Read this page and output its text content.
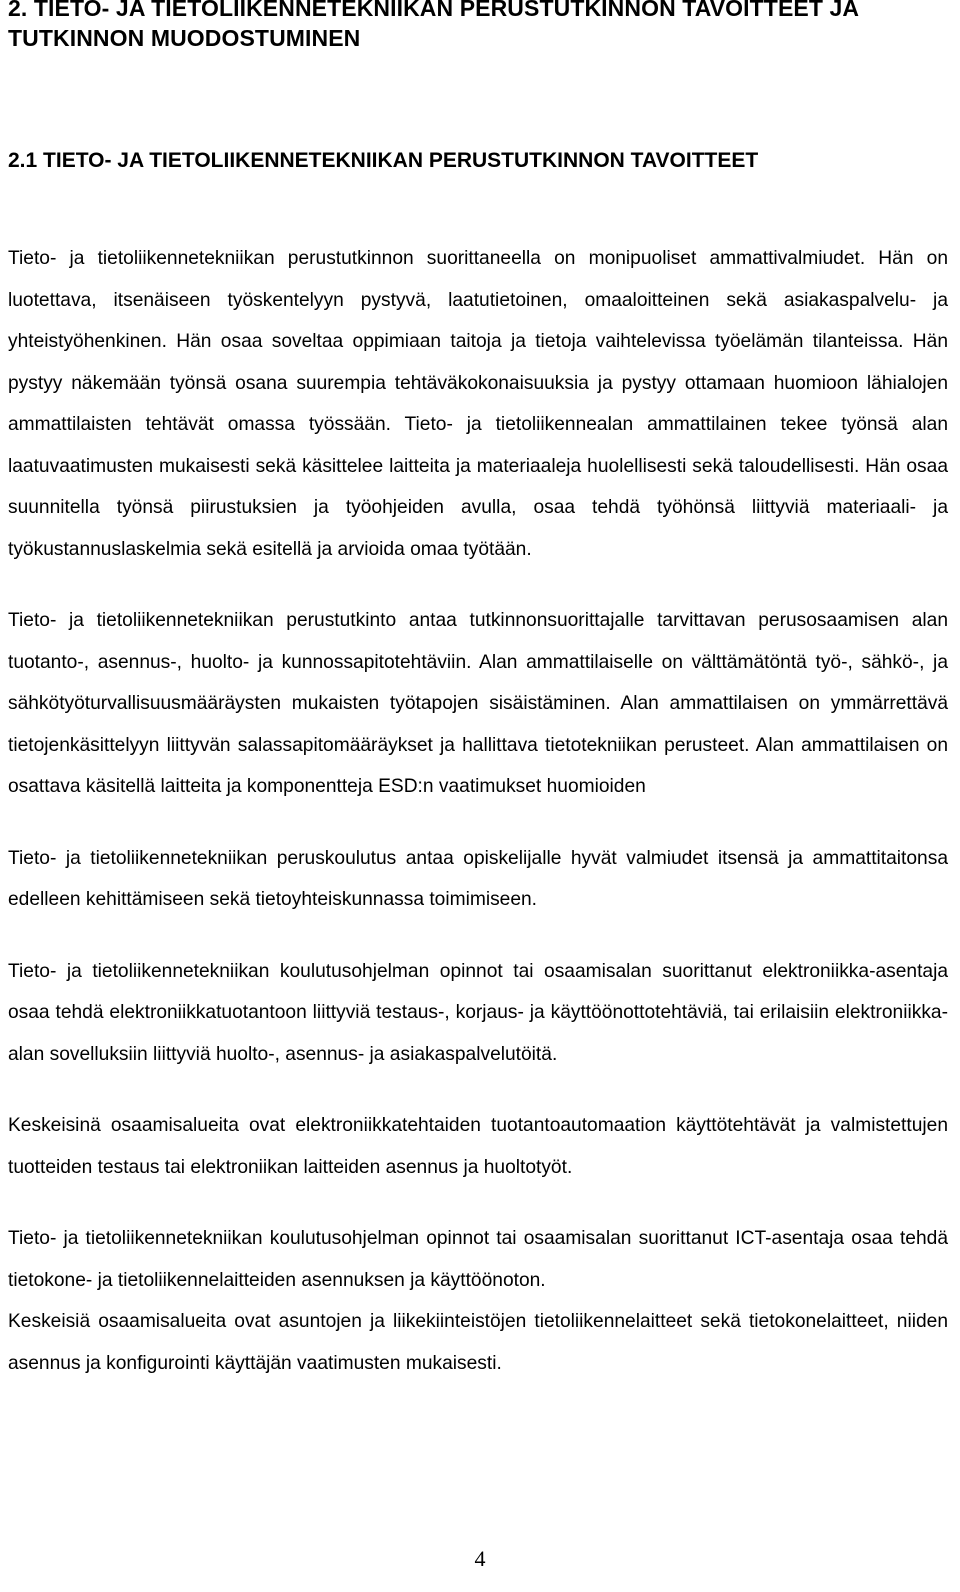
2. TIETO- JA TIETOLIIKENNETEKNIIKAN PERUSTUTKINNON TAVOITTEET JA TUTKINNON MUODOSTUMINEN
2.1 TIETO- JA TIETOLIIKENNETEKNIIKAN PERUSTUTKINNON TAVOITTEET

Tieto- ja tietoliikennetekniikan perustutkinnon suorittaneella on monipuoliset ammattivalmiudet. Hän on luotettava, itsenäiseen työskentelyyn pystyvä, laatutietoinen, omaaloitteinen sekä asiakaspalvelu- ja yhteistyöhenkinen. Hän osaa soveltaa oppimiaan taitoja ja tietoja vaihtelevissa työelämän tilanteissa. Hän pystyy näkemään työnsä osana suurempia tehtäväkokonaisuuksia ja pystyy ottamaan huomioon lähialojen ammattilaisten tehtävät omassa työssään. Tieto- ja tietoliikennealan ammattilainen tekee työnsä alan laatuvaatimusten mukaisesti sekä käsittelee laitteita ja materiaaleja huolellisesti sekä taloudellisesti. Hän osaa suunnitella työnsä piirustuksien ja työohjeiden avulla, osaa tehdä työhönsä liittyviä materiaali- ja työkustannuslaskelmia sekä esitellä ja arvioida omaa työtään.

Tieto- ja tietoliikennetekniikan perustutkinto antaa tutkinnonsuorittajalle tarvittavan perusosaamisen alan tuotanto-, asennus-, huolto- ja kunnossapitotehtäviin. Alan ammattilaiselle on välttämätöntä työ-, sähkö-, ja sähkötyöturvallisuusmääräysten mukaisten työtapojen sisäistäminen. Alan ammattilaisen on ymmärrettävä tietojenkäsittelyyn liittyvän salassapitomääräykset ja hallittava tietotekniikan perusteet. Alan ammattilaisen on osattava käsitellä laitteita ja komponentteja ESD:n vaatimukset huomioiden

Tieto- ja tietoliikennetekniikan peruskoulutus antaa opiskelijalle hyvät valmiudet itsensä ja ammattitaitonsa edelleen kehittämiseen sekä tietoyhteiskunnassa toimimiseen.

Tieto- ja tietoliikennetekniikan koulutusohjelman opinnot tai osaamisalan suorittanut elektroniikka-asentaja osaa tehdä elektroniikkatuotantoon liittyviä testaus-, korjaus- ja käyttöönottotehtäviä, tai erilaisiin elektroniikka-alan sovelluksiin liittyviä huolto-, asennus- ja asiakaspalvelutöitä.

Keskeisinä osaamisalueita ovat elektroniikkatehtaiden tuotantoautomaation käyttötehtävät ja valmistettujen tuotteiden testaus tai elektroniikan laitteiden asennus ja huoltotyöt.

Tieto- ja tietoliikennetekniikan koulutusohjelman opinnot tai osaamisalan suorittanut ICT-asentaja osaa tehdä tietokone- ja tietoliikennelaitteiden asennuksen ja käyttöönoton.

Keskeisiä osaamisalueita ovat asuntojen ja liikekiinteistöjen tietoliikennelaitteet sekä tietokonelaitteet, niiden asennus ja konfigurointi käyttäjän vaatimusten mukaisesti.

4
